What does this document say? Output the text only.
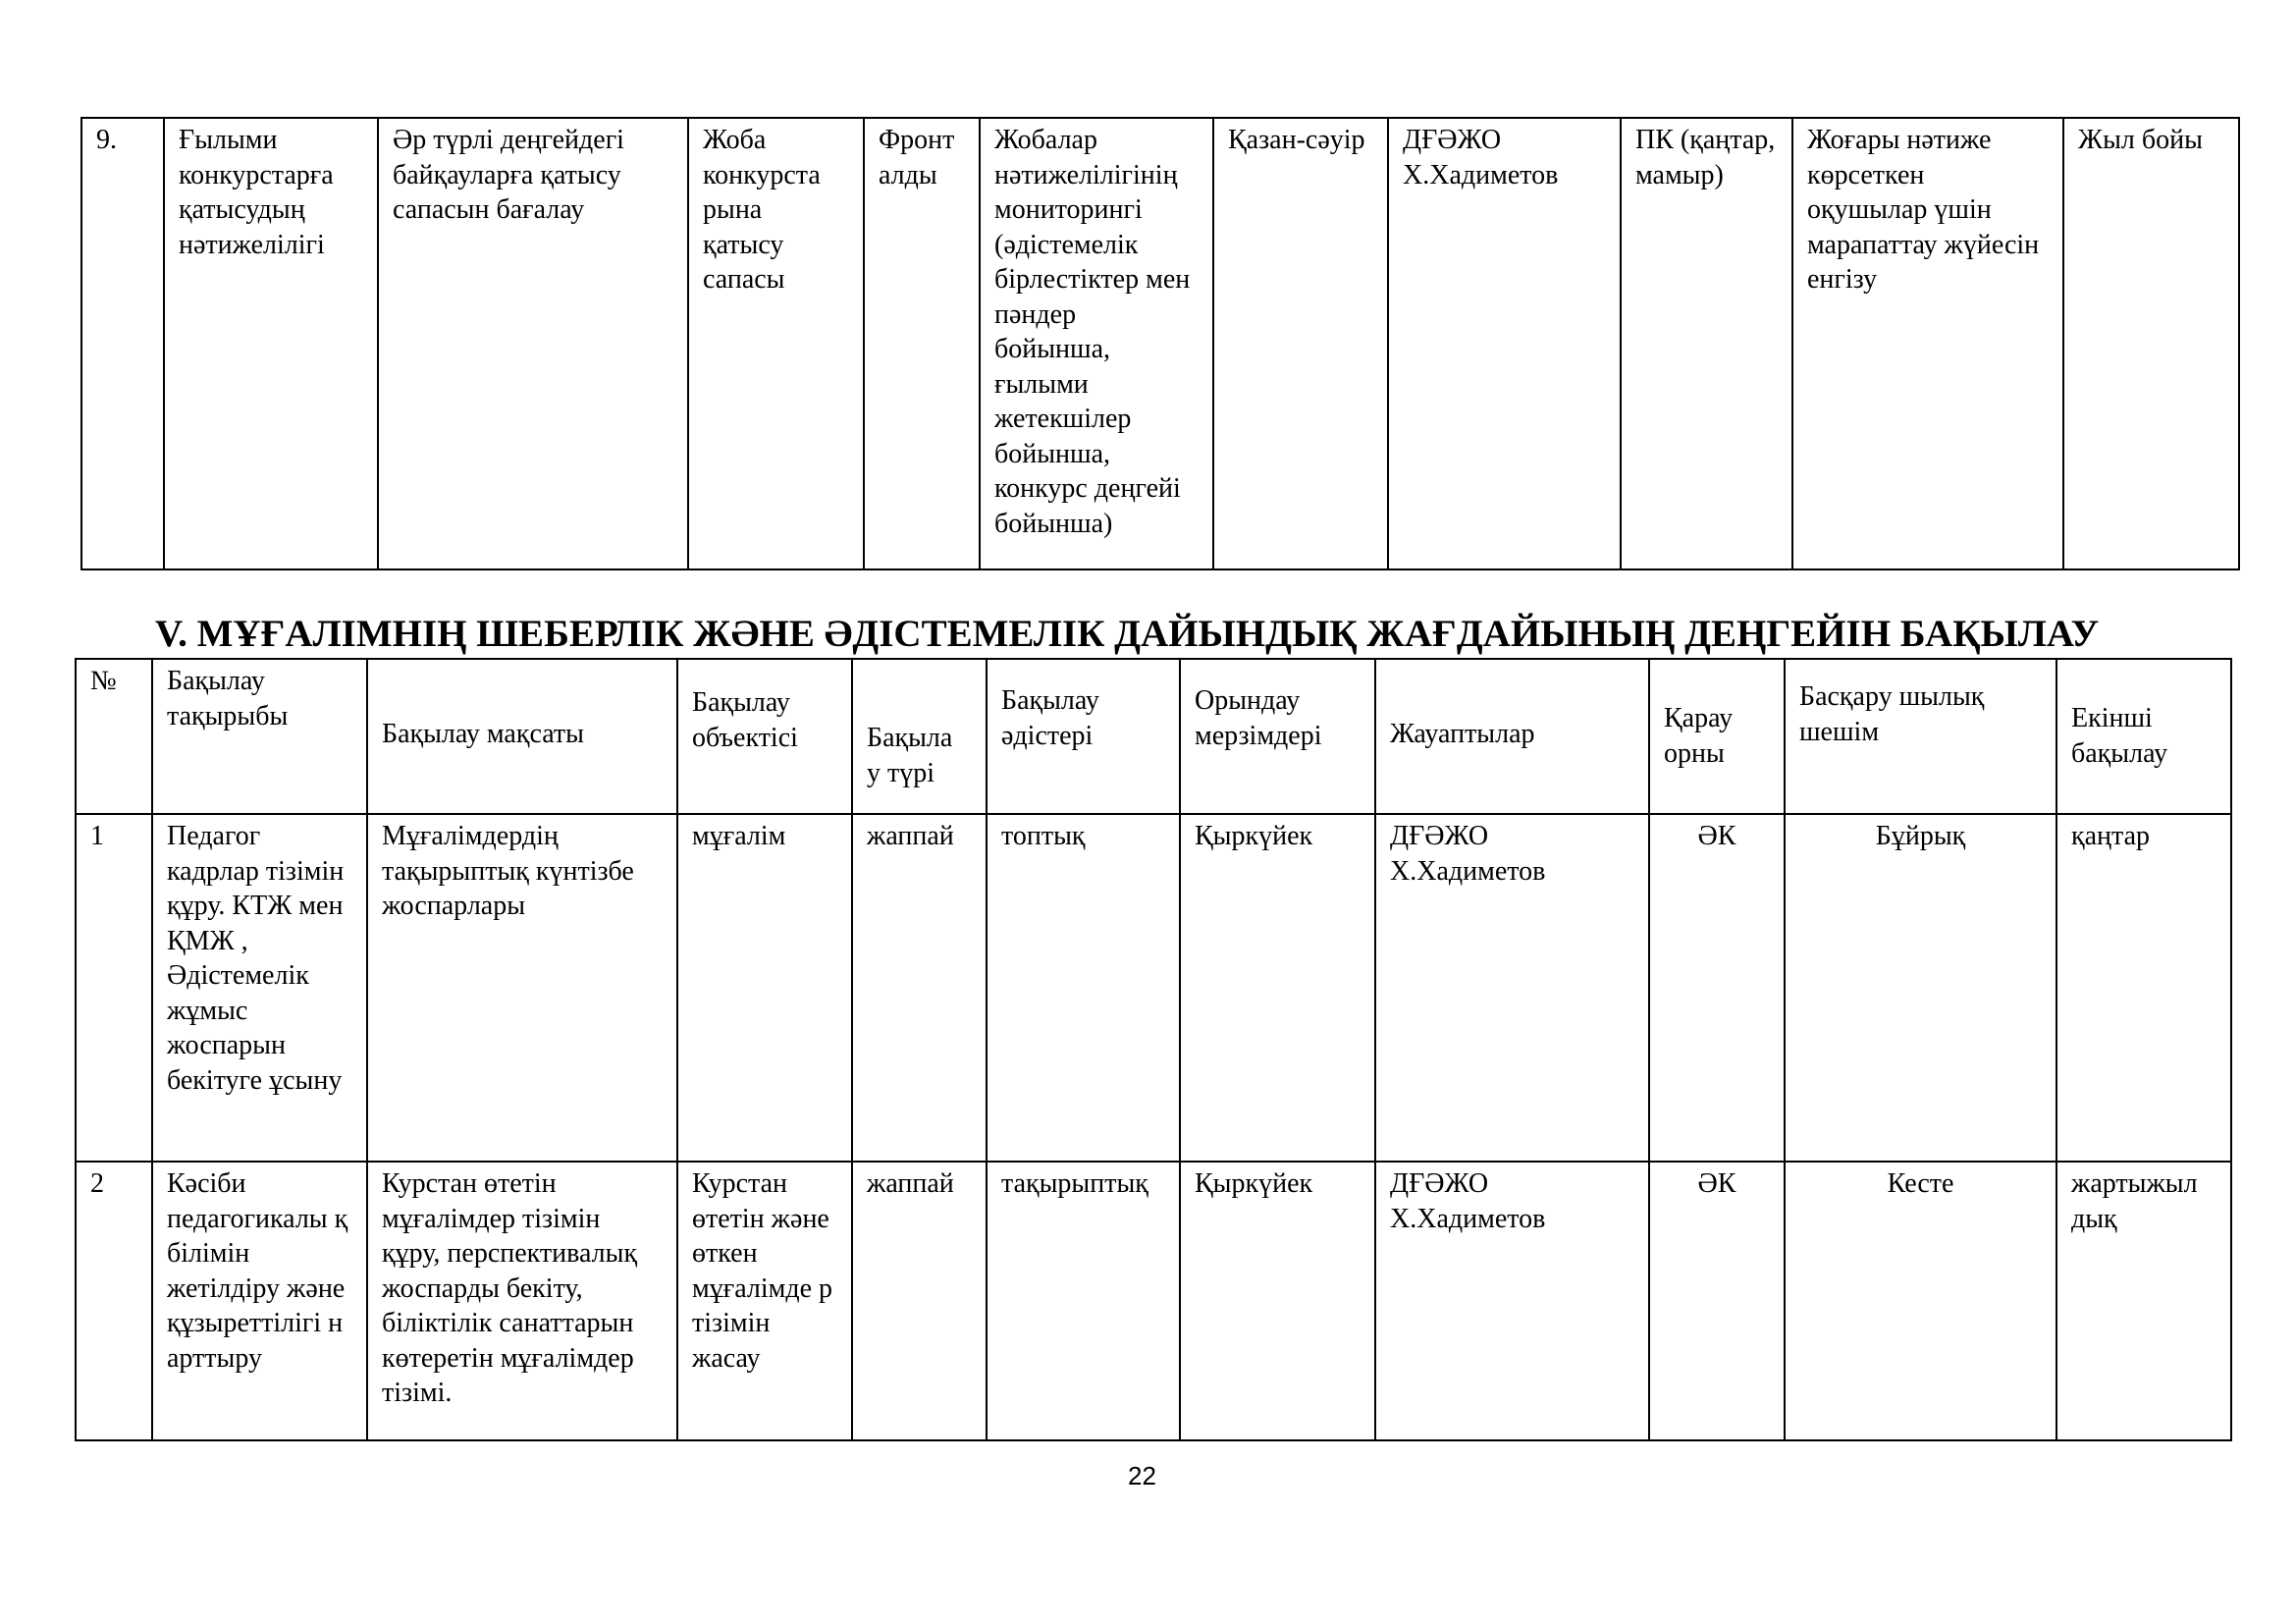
9.	Ғылыми конкурстарға қатысудың нәтижелілігі	Әр түрлі деңгейдегі байқауларға қатысу сапасын бағалау	Жоба конкурста рына қатысу сапасы	Фронт алды	Жобалар нәтижелілігінің мониторингі (әдістемелік бірлестіктер мен пәндер бойынша, ғылыми жетекшілер бойынша, конкурс деңгейі бойынша)	Қазан-сәуір	ДҒӘЖО Х.Хадиметов	ПК (қаңтар, мамыр)	Жоғары нәтиже көрсеткен оқушылар үшін марапаттау жүйесін енгізу	Жыл бойы
V. МҰҒАЛІМНІҢ ШЕБЕРЛІК ЖӘНЕ ӘДІСТЕМЕЛІК ДАЙЫНДЫҚ ЖАҒДАЙЫНЫҢ ДЕҢГЕЙІН БАҚЫЛАУ
№	Бақылау тақырыбы	Бақылау мақсаты	Бақылау объектісі	Бақыла у түрі	Бақылау әдістері	Орындау мерзімдері	Жауаптылар	Қарау орны	Басқару шылық шешім	Екінші бақылау
1	Педагог кадрлар тізімін құру. КТЖ мен ҚМЖ , Әдістемелік жұмыс жоспарын бекітуге ұсыну	Мұғалімдердің тақырыптық күнтізбе жоспарлары	мұғалім	жаппай	топтық	Қыркүйек	ДҒӘЖО Х.Хадиметов	ӘК	Бұйрық	қаңтар
2	Кәсіби педагогикалы қ білімін жетілдіру және құзыреттілігі н арттыру	Курстан өтетін мұғалімдер тізімін құру, перспективалық жоспарды бекіту, біліктілік санаттарын көтеретін мұғалімдер тізімі.	Курстан өтетін және өткен мұғалімде р тізімін жасау	жаппай	тақырыптық	Қыркүйек	ДҒӘЖО Х.Хадиметов	ӘК	Кесте	жартыжыл дық
22
